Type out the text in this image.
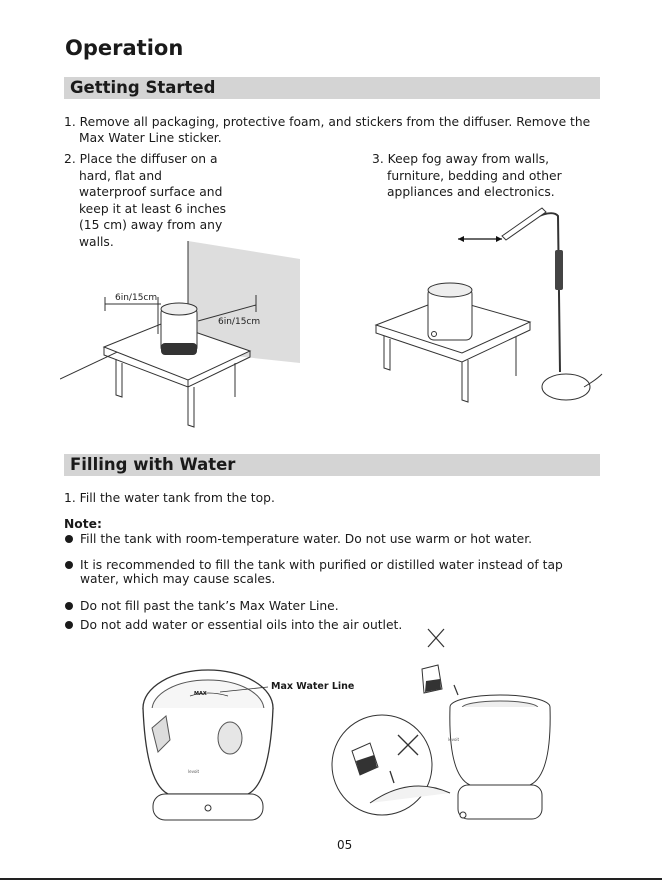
Operation
Getting Started
1. Remove all packaging, protective foam, and stickers from the diffuser. Remove the
Max Water Line sticker.
2. Place the diffuser on a
hard, flat and
waterproof surface and
keep it at least 6 inches
(15 cm) away from any
walls.
3. Keep fog away from walls,
furniture, bedding and other
appliances and electronics.
6in/15cm
6in/15cm
Filling with Water
1. Fill the water tank from the top.
Note:
Fill the tank with room-temperature water. Do not use warm or hot water.
It is recommended to fill the tank with purified or distilled water instead of tap
water, which may cause scales.
Do not fill past the tank’s Max Water Line.
Do not add water or essential oils into the air outlet.
MAX
levoit
Max Water Line
levoit
05
